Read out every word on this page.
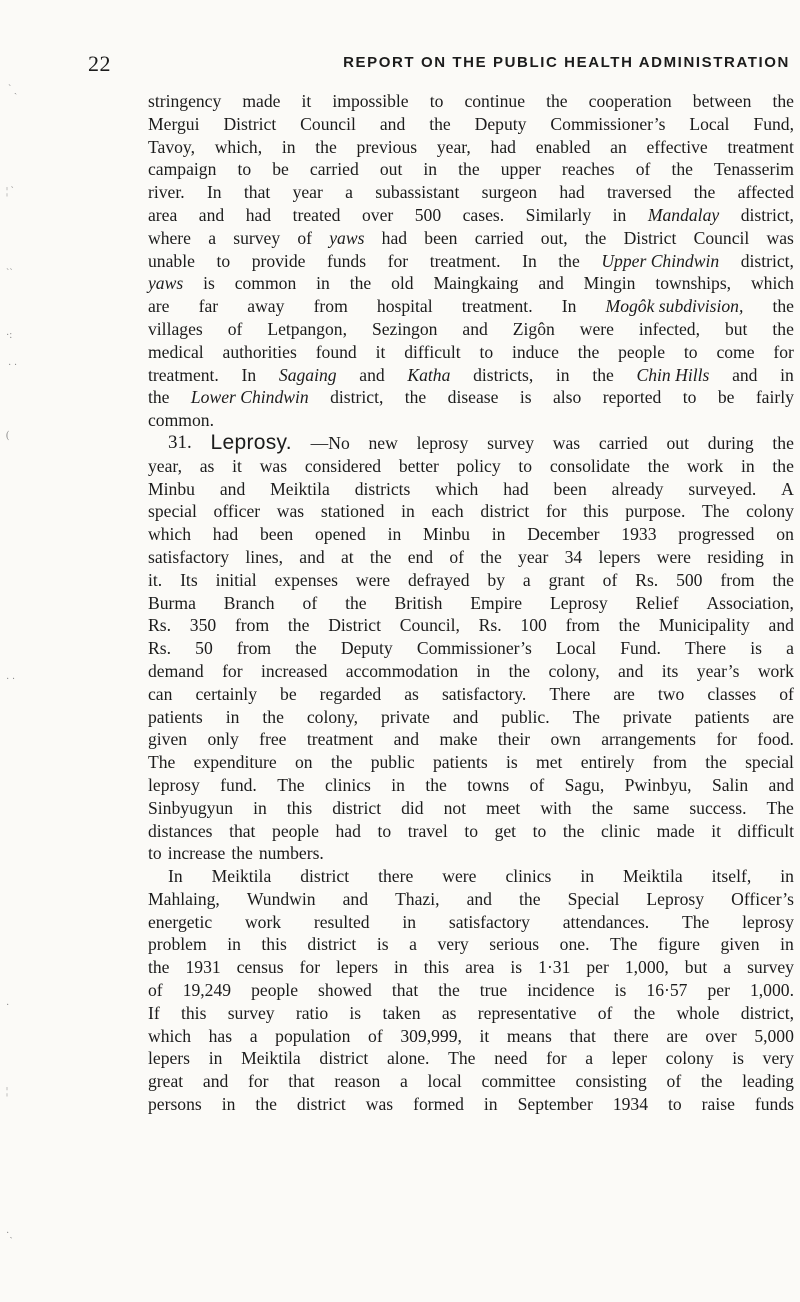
ˋ ˎ
¦ ˋ
ˋˋ
·:
· ·
(
· ·
·
¦
·ˎ
22	REPORT ON THE PUBLIC HEALTH ADMINISTRATION
stringency made it impossible to continue the cooperation between the
Mergui District Council and the Deputy Commissioner’s Local Fund,
Tavoy, which, in the previous year, had enabled an effective treatment
campaign to be carried out in the upper reaches of the Tenasserim
river. In that year a subassistant surgeon had traversed the affected
area and had treated over 500 cases. Similarly in Mandalay district,
where a survey of yaws had been carried out, the District Council was
unable to provide funds for treatment. In the Upper Chindwin district,
yaws is common in the old Maingkaing and Mingin townships, which
are far away from hospital treatment. In Mogôk subdivision, the
villages of Letpangon, Sezingon and Zigôn were infected, but the
medical authorities found it difficult to induce the people to come for
treatment. In Sagaing and Katha districts, in the Chin Hills and in
the Lower Chindwin district, the disease is also reported to be fairly
common.
31. Leprosy. —No new leprosy survey was carried out during the
year, as it was considered better policy to consolidate the work in the
Minbu and Meiktila districts which had been already surveyed. A
special officer was stationed in each district for this purpose. The colony
which had been opened in Minbu in December 1933 progressed on
satisfactory lines, and at the end of the year 34 lepers were residing in
it. Its initial expenses were defrayed by a grant of Rs. 500 from the
Burma Branch of the British Empire Leprosy Relief Association,
Rs. 350 from the District Council, Rs. 100 from the Municipality and
Rs. 50 from the Deputy Commissioner’s Local Fund. There is a
demand for increased accommodation in the colony, and its year’s work
can certainly be regarded as satisfactory. There are two classes of
patients in the colony, private and public. The private patients are
given only free treatment and make their own arrangements for food.
The expenditure on the public patients is met entirely from the special
leprosy fund. The clinics in the towns of Sagu, Pwinbyu, Salin and
Sinbyugyun in this district did not meet with the same success. The
distances that people had to travel to get to the clinic made it difficult
to increase the numbers.
In Meiktila district there were clinics in Meiktila itself, in
Mahlaing, Wundwin and Thazi, and the Special Leprosy Officer’s
energetic work resulted in satisfactory attendances. The leprosy
problem in this district is a very serious one. The figure given in
the 1931 census for lepers in this area is 1·31 per 1,000, but a survey
of 19,249 people showed that the true incidence is 16·57 per 1,000.
If this survey ratio is taken as representative of the whole district,
which has a population of 309,999, it means that there are over 5,000
lepers in Meiktila district alone. The need for a leper colony is very
great and for that reason a local committee consisting of the leading
persons in the district was formed in September 1934 to raise funds
